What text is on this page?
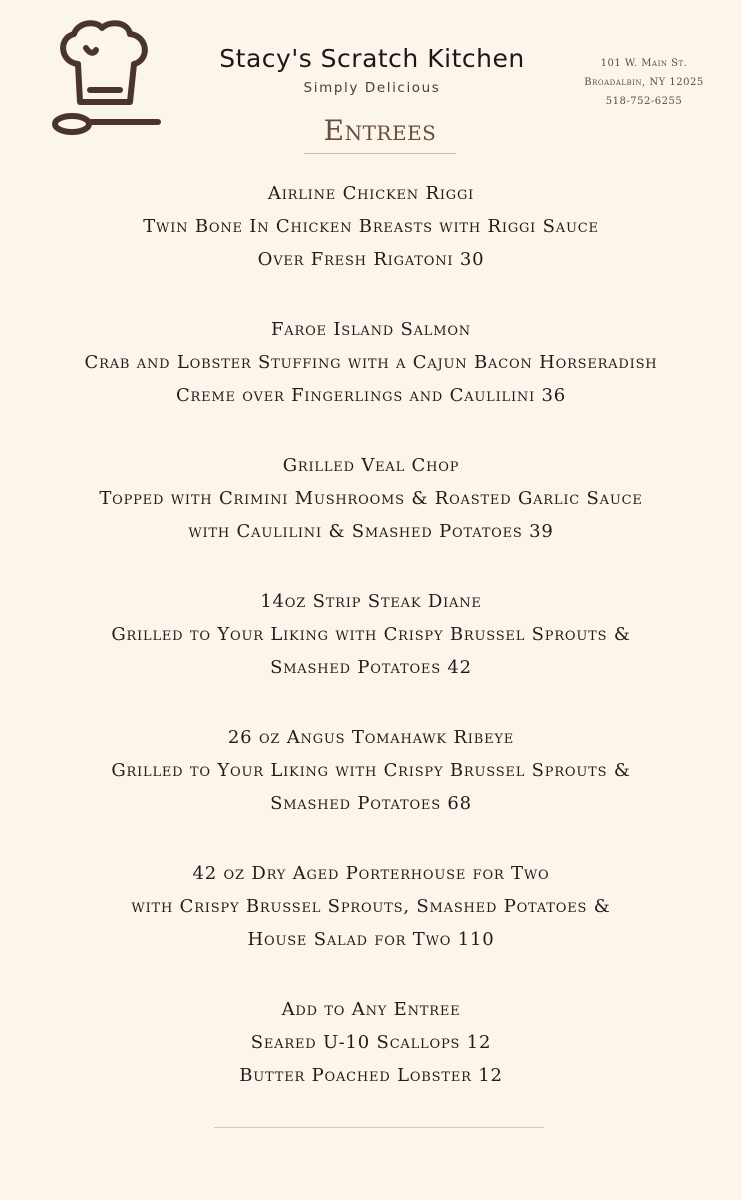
Stacy's Scratch Kitchen
Simply Delicious
101 W. Main St.
Broadalbin, NY 12025
518-752-6255
Entrees
Airline Chicken Riggi
Twin Bone In Chicken Breasts with Riggi Sauce
Over Fresh Rigatoni 30
Faroe Island Salmon
Crab and Lobster Stuffing with a Cajun Bacon Horseradish
Creme over Fingerlings and Caulilini 36
Grilled Veal Chop
Topped with Crimini Mushrooms & Roasted Garlic Sauce
with Caulilini & Smashed Potatoes 39
14oz Strip Steak Diane
Grilled to Your Liking with Crispy Brussel Sprouts &
Smashed Potatoes 42
26 oz Angus Tomahawk Ribeye
Grilled to Your Liking with Crispy Brussel Sprouts &
Smashed Potatoes 68
42 oz Dry Aged Porterhouse for Two
with Crispy Brussel Sprouts, Smashed Potatoes &
House Salad for Two 110
Add to Any Entree
Seared U-10 Scallops 12
Butter Poached Lobster 12
